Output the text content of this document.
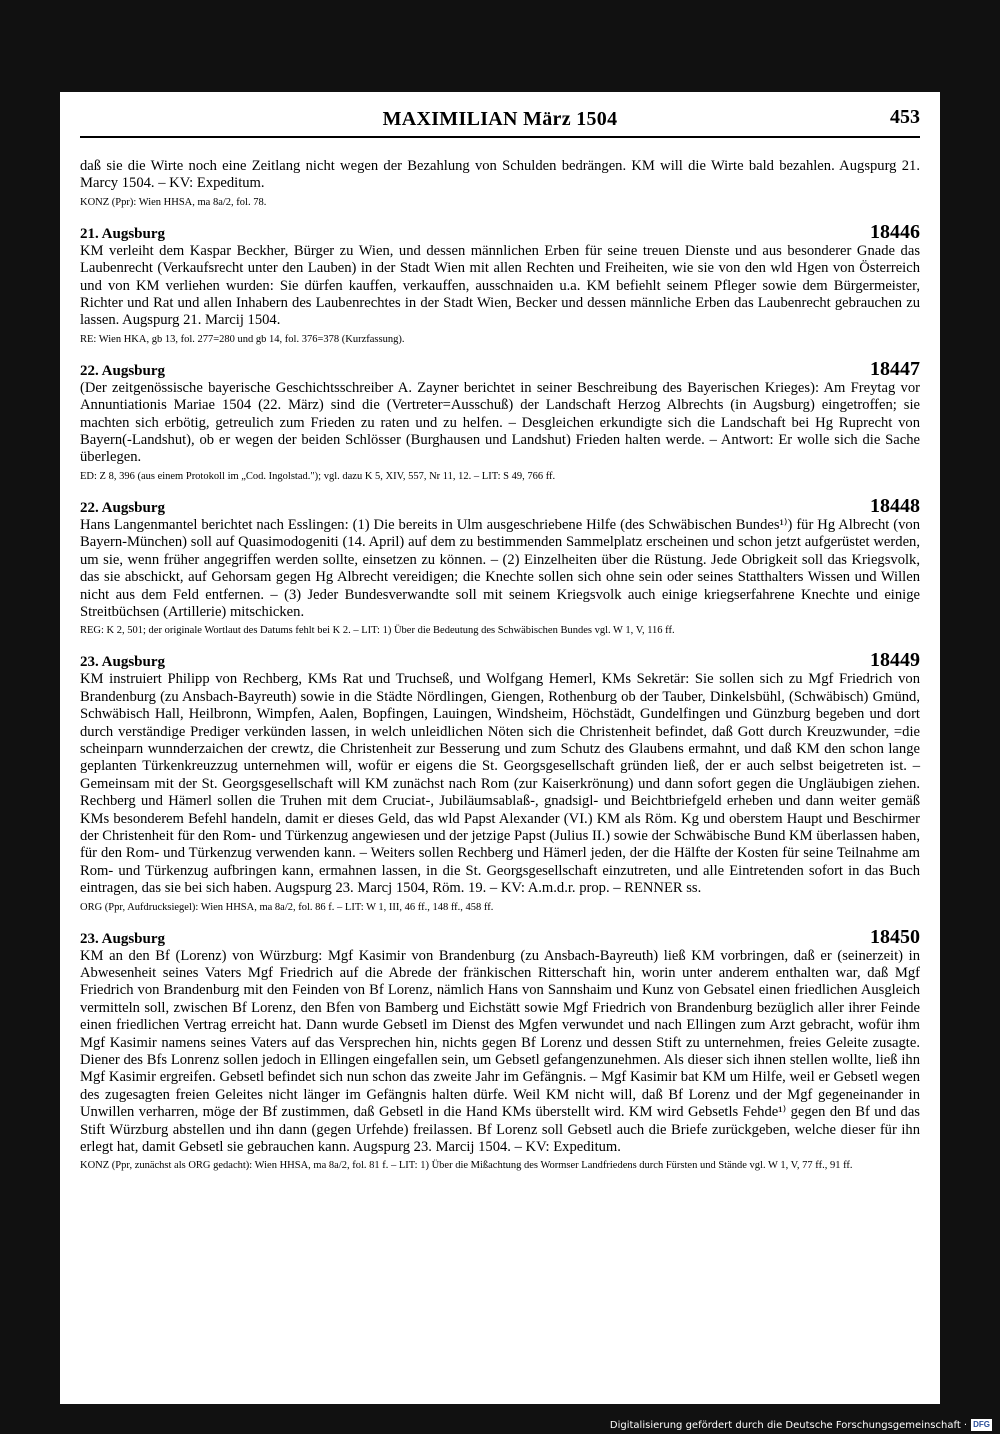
MAXIMILIAN März 1504	453

daß sie die Wirte noch eine Zeitlang nicht wegen der Bezahlung von Schulden bedrängen. KM will die Wirte bald bezahlen. Augspurg 21. Marcy 1504. – KV: Expeditum.

KONZ (Ppr): Wien HHSA, ma 8a/2, fol. 78.

21. Augsburg	18446

KM verleiht dem Kaspar Beckher, Bürger zu Wien, und dessen männlichen Erben für seine treuen Dienste und aus besonderer Gnade das Laubenrecht (Verkaufsrecht unter den Lauben) in der Stadt Wien mit allen Rechten und Freiheiten, wie sie von den wld Hgen von Österreich und von KM verliehen wurden: Sie dürfen kauffen, verkauffen, ausschnaiden u.a. KM befiehlt seinem Pfleger sowie dem Bürgermeister, Richter und Rat und allen Inhabern des Laubenrechtes in der Stadt Wien, Becker und dessen männliche Erben das Laubenrecht gebrauchen zu lassen. Augspurg 21. Marcij 1504.

RE: Wien HKA, gb 13, fol. 277=280 und gb 14, fol. 376=378 (Kurzfassung).

22. Augsburg	18447

(Der zeitgenössische bayerische Geschichtsschreiber A. Zayner berichtet in seiner Beschreibung des Bayerischen Krieges): Am Freytag vor Annuntiationis Mariae 1504 (22. März) sind die (Vertreter=Ausschuß) der Landschaft Herzog Albrechts (in Augsburg) eingetroffen; sie machten sich erbötig, getreulich zum Frieden zu raten und zu helfen. – Desgleichen erkundigte sich die Landschaft bei Hg Ruprecht von Bayern(-Landshut), ob er wegen der beiden Schlösser (Burghausen und Landshut) Frieden halten werde. – Antwort: Er wolle sich die Sache überlegen.

ED: Z 8, 396 (aus einem Protokoll im „Cod. Ingolstad."); vgl. dazu K 5, XIV, 557, Nr 11, 12. – LIT: S 49, 766 ff.

22. Augsburg	18448

Hans Langenmantel berichtet nach Esslingen: (1) Die bereits in Ulm ausgeschriebene Hilfe (des Schwäbischen Bundes¹⁾) für Hg Albrecht (von Bayern-München) soll auf Quasimodogeniti (14. April) auf dem zu bestimmenden Sammelplatz erscheinen und schon jetzt aufgerüstet werden, um sie, wenn früher angegriffen werden sollte, einsetzen zu können. – (2) Einzelheiten über die Rüstung. Jede Obrigkeit soll das Kriegsvolk, das sie abschickt, auf Gehorsam gegen Hg Albrecht vereidigen; die Knechte sollen sich ohne sein oder seines Statthalters Wissen und Willen nicht aus dem Feld entfernen. – (3) Jeder Bundesverwandte soll mit seinem Kriegsvolk auch einige kriegserfahrene Knechte und einige Streitbüchsen (Artillerie) mitschicken.

REG: K 2, 501; der originale Wortlaut des Datums fehlt bei K 2. – LIT: 1) Über die Bedeutung des Schwäbischen Bundes vgl. W 1, V, 116 ff.

23. Augsburg	18449

KM instruiert Philipp von Rechberg, KMs Rat und Truchseß, und Wolfgang Hemerl, KMs Sekretär: Sie sollen sich zu Mgf Friedrich von Brandenburg (zu Ansbach-Bayreuth) sowie in die Städte Nördlingen, Giengen, Rothenburg ob der Tauber, Dinkelsbühl, (Schwäbisch) Gmünd, Schwäbisch Hall, Heilbronn, Wimpfen, Aalen, Bopfingen, Lauingen, Windsheim, Höchstädt, Gundelfingen und Günzburg begeben und dort durch verständige Prediger verkünden lassen, in welch unleidlichen Nöten sich die Christenheit befindet, daß Gott durch Kreuzwunder, =die scheinparn wunnderzaichen der crewtz, die Christenheit zur Besserung und zum Schutz des Glaubens ermahnt, und daß KM den schon lange geplanten Türkenkreuzzug unternehmen will, wofür er eigens die St. Georgsgesellschaft gründen ließ, der er auch selbst beigetreten ist. – Gemeinsam mit der St. Georgsgesellschaft will KM zunächst nach Rom (zur Kaiserkrönung) und dann sofort gegen die Ungläubigen ziehen. Rechberg und Hämerl sollen die Truhen mit dem Cruciat-, Jubiläumsablaß-, gnadsigl- und Beichtbriefgeld erheben und dann weiter gemäß KMs besonderem Befehl handeln, damit er dieses Geld, das wld Papst Alexander (VI.) KM als Röm. Kg und oberstem Haupt und Beschirmer der Christenheit für den Rom- und Türkenzug angewiesen und der jetzige Papst (Julius II.) sowie der Schwäbische Bund KM überlassen haben, für den Rom- und Türkenzug verwenden kann. – Weiters sollen Rechberg und Hämerl jeden, der die Hälfte der Kosten für seine Teilnahme am Rom- und Türkenzug aufbringen kann, ermahnen lassen, in die St. Georgsgesellschaft einzutreten, und alle Eintretenden sofort in das Buch eintragen, das sie bei sich haben. Augspurg 23. Marcj 1504, Röm. 19. – KV: A.m.d.r. prop. – RENNER ss.

ORG (Ppr, Aufdrucksiegel): Wien HHSA, ma 8a/2, fol. 86 f. – LIT: W 1, III, 46 ff., 148 ff., 458 ff.

23. Augsburg	18450

KM an den Bf (Lorenz) von Würzburg: Mgf Kasimir von Brandenburg (zu Ansbach-Bayreuth) ließ KM vorbringen, daß er (seinerzeit) in Abwesenheit seines Vaters Mgf Friedrich auf die Abrede der fränkischen Ritterschaft hin, worin unter anderem enthalten war, daß Mgf Friedrich von Brandenburg mit den Feinden von Bf Lorenz, nämlich Hans von Sannshaim und Kunz von Gebsatel einen friedlichen Ausgleich vermitteln soll, zwischen Bf Lorenz, den Bfen von Bamberg und Eichstätt sowie Mgf Friedrich von Brandenburg bezüglich aller ihrer Feinde einen friedlichen Vertrag erreicht hat. Dann wurde Gebsetl im Dienst des Mgfen verwundet und nach Ellingen zum Arzt gebracht, wofür ihm Mgf Kasimir namens seines Vaters auf das Versprechen hin, nichts gegen Bf Lorenz und dessen Stift zu unternehmen, freies Geleite zusagte. Diener des Bfs Lonrenz sollen jedoch in Ellingen eingefallen sein, um Gebsetl gefangenzunehmen. Als dieser sich ihnen stellen wollte, ließ ihn Mgf Kasimir ergreifen. Gebsetl befindet sich nun schon das zweite Jahr im Gefängnis. – Mgf Kasimir bat KM um Hilfe, weil er Gebsetl wegen des zugesagten freien Geleites nicht länger im Gefängnis halten dürfe. Weil KM nicht will, daß Bf Lorenz und der Mgf gegeneinander in Unwillen verharren, möge der Bf zustimmen, daß Gebsetl in die Hand KMs überstellt wird. KM wird Gebsetls Fehde¹⁾ gegen den Bf und das Stift Würzburg abstellen und ihn dann (gegen Urfehde) freilassen. Bf Lorenz soll Gebsetl auch die Briefe zurückgeben, welche dieser für ihn erlegt hat, damit Gebsetl sie gebrauchen kann. Augspurg 23. Marcij 1504. – KV: Expeditum.

KONZ (Ppr, zunächst als ORG gedacht): Wien HHSA, ma 8a/2, fol. 81 f. – LIT: 1) Über die Mißachtung des Wormser Landfriedens durch Fürsten und Stände vgl. W 1, V, 77 ff., 91 ff.

Digitalisierung gefördert durch die Deutsche Forschungsgemeinschaft · DFG
